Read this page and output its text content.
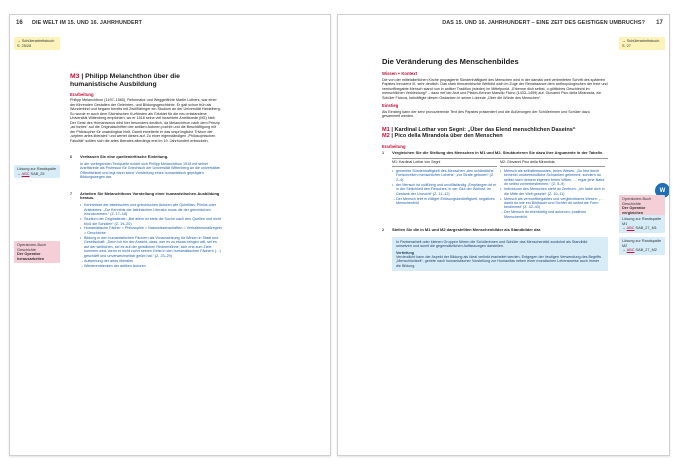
16 DIE WELT IM 15. UND 16. JAHRHUNDERT
→ Schülerarbeitsbuch
S. 25/26
Lösung zur Randspalte
→ ABC SAB_25
Operatoren-Buch Geschichte
Der Operator herausarbeiten
M3 | Philipp Melanchthon über die humanistische Ausbildung
Erarbeitung
Philipp Melanchthon (1497–1560), Reformator und Weggefährte Martin Luthers, war einer der führenden Gestalten der Gelehrten- und Bildungsgeschichte. Er galt schon früh als Wunderkind und begann bereits mit Zwölf/ähriger ein Studium an der Universität Heidelberg. So wurde er auch dem Sächsischen Kurfürsten als Grkrktet für die neu entstandene Universität Wittenberg empfohlen, wo er 1518 seine viel beachtete Antrittsrede (M3) hielt. Der Geist des Humanismus wird hier besonders deutlich, da Melanchthon nach dem Prinzip „ad fontes“ auf die Originalschriften der antiken Autoren pochte und die Beschäftigung mit der Philosophie für unabdingbar hielt. Damit erweiterte er das ursprüngliche Trivium der „septem artes liberales“ und wertet dieses auf. Zu einer eigenständigen „Philosophischen Fakultät“ sollten sich die artes liberales allerdings erst im 19. Jahrhundert entwickeln.
6 Verfassen Sie eine quellenkritische Einleitung.
In der vorliegenden Textquelle richtet sich Philipp Melanchthon 1518 mit seiner Antrittsrede als Professor für Griechisch der Universität Wittenberg an die universitäre Öffentlichkeit und legt darin seine Vorstellung eines humanistisch geprägten Bildungsweges dar.
7 Arbeiten Sie Melanchthons Vorstellung einer humanistischen Ausbildung heraus.
• Kenntnisse der lateinischen und griechischen Autoren wie Quintilian, Plinius oder Aristoteles: „Zur Kenntnis der lateinischen Literatur muss die der griechischen hinzukommen.“ (Z. 17–18)
• Studium der Originaltexte: „Bei allem ist stets die Suche nach den Quellen und nicht bloß die Scholien“ (Z. 19–20)
• Humanistische Fächer = Philosophie = Naturwissenschaften = Verhaltensmaßregeln = Geschichte
• Bildung in den humanistischen Fächern als Voraussetzung für Wirken in Staat und Gesellschaft: „Denn ich bin der Ansicht, dass, wer es zu etwas bringen will, sei es auf der weltlichen, sei es auf der geistlichen Rednerbühne, sich erst zum Ziele kommen wird, wenn er nicht zuvor seinen Geist in den humanistischen Fächern (…) geschärft und unverwechselbar geübt hat.“ (Z. 23–29)
→ Aufwertung der artes liberales
→ Wiederentdecken der antiken Autoren
DAS 15. UND 16. JAHRHUNDERT – EINE ZEIT DES GEISTIGEN UMBRUCHS? 17
→ Schülerarbeitsbuch S. 27
W
Operatoren-Buch Geschichte
Der Operator vergleichen
Lösung zur Randspalte M1
→ ABC SAB_27_M1
Lösung zur Randspalte M2
→ ABC SAB_27_M2
Die Veränderung des Menschenbildes
Wissen + Kontext
Die von der mittelalterlichen Kirche propagierte Sündenhaftigkeit des Menschen wird in der damals weit verbreiteten Schrift des späteren Papstes Innozenz III. sehr deutlich. Das stark theozentrische Weltbild wich im Zuge der Renaissance dem anthropologischen der freie und vernunftbegabte Mensch stand nun in antiker Tradition (wieder) im Mittelpunkt. „Erkenne dich selbst, o göttliches Geschlecht im menschlichen Verkleidung!“ – dazu rief der Arzt und Platon-Kenner Marsilio Ficino (1433–1499) auf. Giovanni Pico della Mirandola, ein Schüler Ficinos, bekräftigte diesen Gedanken in seiner Lobrede „Über die Würde des Menschen“.
Einstieg
Als Einstieg kann der sehr provozierende Text des Papstes präsentiert und die Äußerungen der Schülerinnen und Schüler dazu gesammelt werden.
M1 | Kardinal Lothar von Segni: „Über das Elend menschlichen Daseins“
M2 | Pico della Mirandola über den Menschen
Erarbeitung
1 Vergleichen Sie die Stellung des Menschen in M1 und M2. Strukturieren Sie dazu Ihre Argumente in der Tabelle.
M1: Kardinal Lothar von Segni
• generelle Sündenhaftigkeit des Menschen „den schändliche Fortschreiten menschlicher Lebens“ „zur Strafe geboren“ (Z. 2–4)
• der Mensch ist vollführig und unvölliständig „Empfangen ist er in der Sinlichkeit des Fleisches, in der Glut der Wollust, im Gestank der Unzucht“ (Z. 11–12)
→ Der Mensch lebt in völliger Erlösungsbedürftigkeit, negatives Menschenbild
M2: Giovanni Pico della Mirandola
• Mensch als selbstbewusstes, freies Wesen: „Du bist durch keinerlei unüberwindliche Schranken gehemmt, sondern du selbst nach deinem eigenen freien Willen, … ergar jene Natur dir selbst vorherbestimmen.“ (Z. 5–9)
• Individuum des Menschen steht im Zentrum: „Ich habe dich in die Mitte der Welt gesetzt“ (Z. 10–11)
• Mensch als vernunftbegabtes und vergleichbares Wesen: „… damit du wie ein Bildhauer und Dichter dir selbst die Form bestimmst“ (Z. 42–43)
→ Der Mensch ist ebenbürtig und autonom; positives Menschenbild
2 Stellen Sie die in M1 und M2 dargestellten Menschenbilder als Standbilder dar.
In Partnerarbeit oder kleinen Gruppen führen die Schülerinnen und Schüler das Menschenbild zunächst als Standbild umsetzen und somit die gegensätzlichen Auffassungen darstellen.
Vertiefung
Verdeutlicht kann der Aspekt der Bildung als Ideal verlinkt erarbeitet werden. Entgegen der heutigen Verwendung des Begriffs „Menschlichkeit“, geriete nach humanistischer Vorstellung zur Humanitas neben einer moralischen Lebensweise auch immer die Bildung.
